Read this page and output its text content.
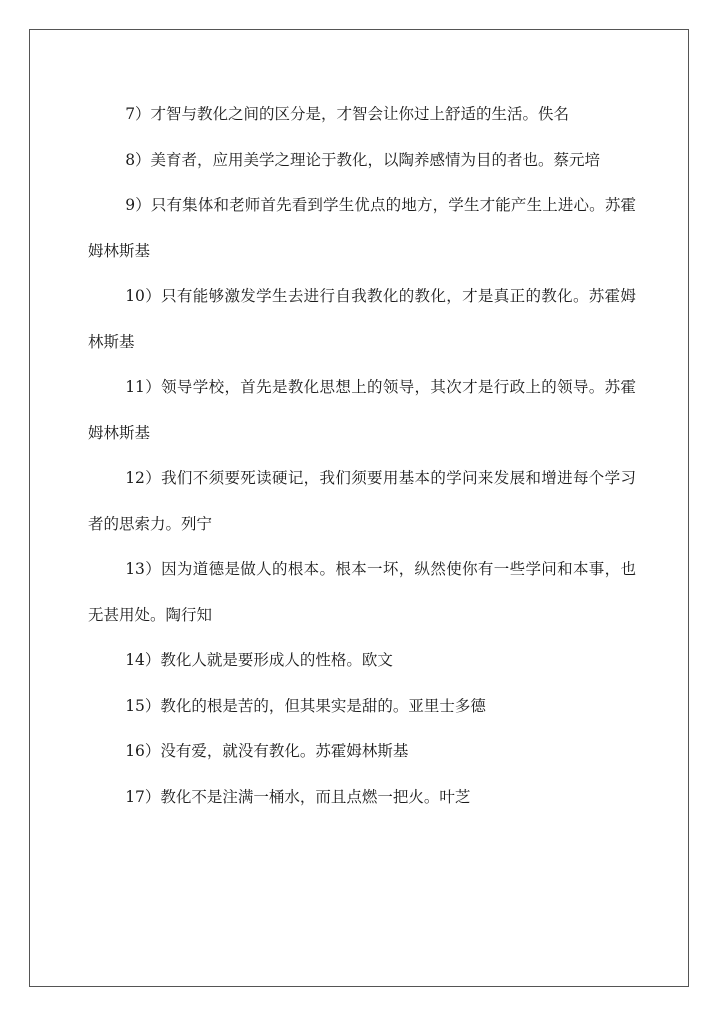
7）才智与教化之间的区分是，才智会让你过上舒适的生活。佚名

8）美育者，应用美学之理论于教化，以陶养感情为目的者也。蔡元培

9）只有集体和老师首先看到学生优点的地方，学生才能产生上进心。苏霍姆林斯基

10）只有能够激发学生去进行自我教化的教化，才是真正的教化。苏霍姆林斯基

11）领导学校，首先是教化思想上的领导，其次才是行政上的领导。苏霍姆林斯基

12）我们不须要死读硬记，我们须要用基本的学问来发展和增进每个学习者的思索力。列宁

13）因为道德是做人的根本。根本一坏，纵然使你有一些学问和本事，也无甚用处。陶行知

14）教化人就是要形成人的性格。欧文

15）教化的根是苦的，但其果实是甜的。亚里士多德

16）没有爱，就没有教化。苏霍姆林斯基

17）教化不是注满一桶水，而且点燃一把火。叶芝
